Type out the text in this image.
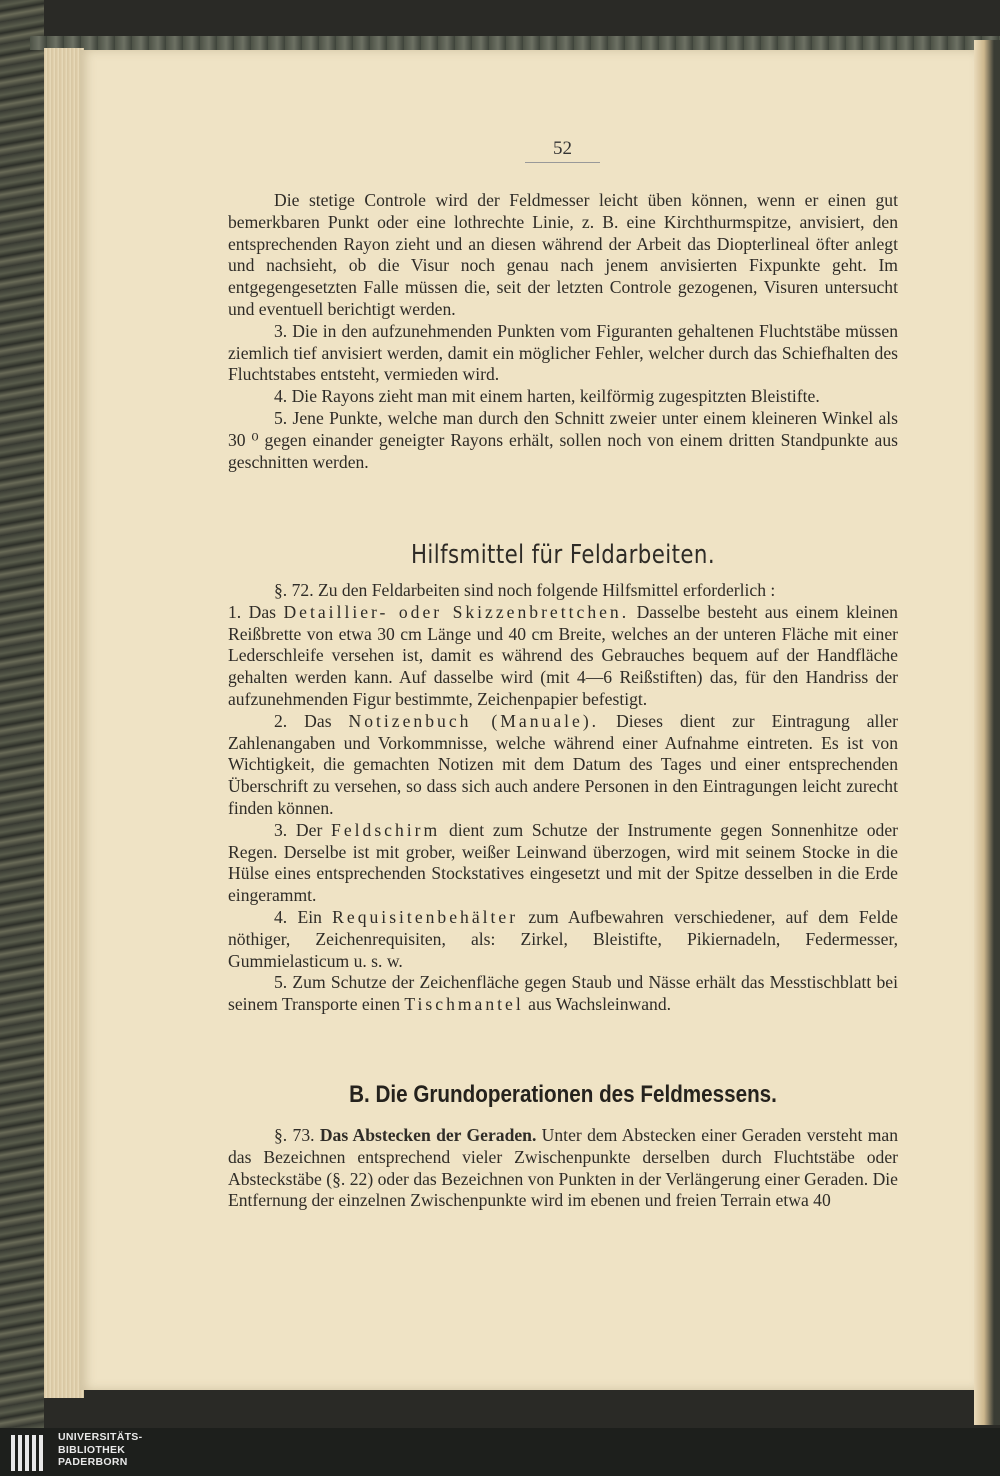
52

Die stetige Controle wird der Feldmesser leicht üben können, wenn er einen gut bemerkbaren Punkt oder eine lothrechte Linie, z. B. eine Kirchthurmspitze, anvisiert, den entsprechenden Rayon zieht und an diesen während der Arbeit das Diopterlineal öfter anlegt und nachsieht, ob die Visur noch genau nach jenem anvisierten Fixpunkte geht. Im entgegengesetzten Falle müssen die, seit der letzten Controle gezogenen, Visuren untersucht und eventuell berichtigt werden.

3. Die in den aufzunehmenden Punkten vom Figuranten gehaltenen Fluchtstäbe müssen ziemlich tief anvisiert werden, damit ein möglicher Fehler, welcher durch das Schiefhalten des Fluchtstabes entsteht, vermieden wird.

4. Die Rayons zieht man mit einem harten, keilförmig zugespitzten Bleistifte.

5. Jene Punkte, welche man durch den Schnitt zweier unter einem kleineren Winkel als 30 ⁰ gegen einander geneigter Rayons erhält, sollen noch von einem dritten Standpunkte aus geschnitten werden.

Hilfsmittel für Feldarbeiten.

§. 72. Zu den Feldarbeiten sind noch folgende Hilfsmittel erforderlich :

1. Das Detaillier- oder Skizzenbrettchen. Dasselbe besteht aus einem kleinen Reißbrette von etwa 30 cm Länge und 40 cm Breite, welches an der unteren Fläche mit einer Lederschleife versehen ist, damit es während des Gebrauches bequem auf der Handfläche gehalten werden kann. Auf dasselbe wird (mit 4—6 Reißstiften) das, für den Handriss der aufzunehmenden Figur bestimmte, Zeichenpapier befestigt.

2. Das Notizenbuch (Manuale). Dieses dient zur Eintragung aller Zahlenangaben und Vorkommnisse, welche während einer Aufnahme eintreten. Es ist von Wichtigkeit, die gemachten Notizen mit dem Datum des Tages und einer entsprechenden Überschrift zu versehen, so dass sich auch andere Personen in den Eintragungen leicht zurecht finden können.

3. Der Feldschirm dient zum Schutze der Instrumente gegen Sonnenhitze oder Regen. Derselbe ist mit grober, weißer Leinwand überzogen, wird mit seinem Stocke in die Hülse eines entsprechenden Stockstatives eingesetzt und mit der Spitze desselben in die Erde eingerammt.

4. Ein Requisitenbehälter zum Aufbewahren verschiedener, auf dem Felde nöthiger, Zeichenrequisiten, als: Zirkel, Bleistifte, Pikiernadeln, Federmesser, Gummielasticum u. s. w.

5. Zum Schutze der Zeichenfläche gegen Staub und Nässe erhält das Messtischblatt bei seinem Transporte einen Tischmantel aus Wachsleinwand.

B. Die Grundoperationen des Feldmessens.

§. 73. Das Abstecken der Geraden. Unter dem Abstecken einer Geraden versteht man das Bezeichnen entsprechend vieler Zwischenpunkte derselben durch Fluchtstäbe oder Absteckstäbe (§. 22) oder das Bezeichnen von Punkten in der Verlängerung einer Geraden. Die Entfernung der einzelnen Zwischenpunkte wird im ebenen und freien Terrain etwa 40

UNIVERSITÄTS-
BIBLIOTHEK
PADERBORN
